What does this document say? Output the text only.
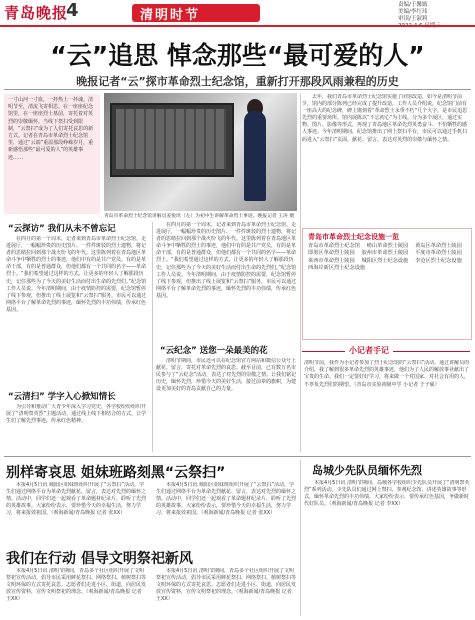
青岛晚报
4	清明时节
责编/于馨嫣
美编/李红玮
审读/王淑莉
“云”追思 悼念那些“最可爱的人”
晚报记者“云”探市革命烈士纪念馆，重新打开那段风雨兼程的历史
一寸山河一寸血，一抔热土一抔魂。清明节至，清流飞寄相思。在一座座纪念馆里，在一座座烈士墓前，寄托着对英烈的崇敬缅怀。当线下祭扫受到限制，“云祭扫”成为了人们寄托哀思的新方式。记者在青岛市革命烈士纪念馆里，通过“云端”重温那段峥嵘岁月，重新感悟那些“最可爱的人”的英雄事迹……
青岛市革命烈士纪念馆讲解员姜悦瑶（左）为初中生讲解革命烈士事迹。晚报记者 王涛 摄
去年，我们青岛市革命烈士纪念馆实施了闭馆改造，如今是清明节前夕，馆内的部分陈列已经完成了提升改造。工作人员介绍说，纪念馆门前有一座高大的纪念碑，碑上镌刻着“革命烈士永垂不朽”几个大字，是市民追思先烈的重要场所。馆内展陈以“不忘初心”为主线，分为多个展区，通过实物、图片、影像等形式，再现了青岛地区革命先烈英勇奋斗、不怕牺牲的感人事迹。今年清明期间，纪念馆推出了网上祭扫平台，市民可以通过手机扫码进入“云祭扫”页面，献花、留言，表达对英烈的崇敬与缅怀之情。
“云探访” 我们从未不曾忘记
在四月的第一个周末，记者来到青岛市革命烈士纪念馆。走进展厅，一幅幅珍贵的历史图片、一件件斑驳的烈士遗物，将记者的思绪拉回到那个战火纷飞的年代。这里陈列着在青岛地区革命斗争中牺牲的烈士的事迹，他们中有的是共产党员，有的是革命干部，有的是普通群众，但他们都有一个共同的名字——革命烈士。“我们希望通过这样的方式，让更多的年轻人了解那段历史，记住那些为了今天的美好生活而付出生命的先烈们。”纪念馆工作人员说。今年清明期间，由于疫情防控的需要，纪念馆暂停了线下参观，但推出了线上展览和“云祭扫”服务。市民可以通过网络平台了解革命先烈的事迹，缅怀先烈的丰功伟绩，传承红色基因。
“云清扫” 学字入心掀知情长
为引导和推动广大青少年深入学习党史，各学校纷纷组织开展了“清明祭英烈”主题活动，通过线上线下相结合的方式，让学生们了解先烈事迹，传承红色精神。
在四月的第一个周末，记者来到青岛市革命烈士纪念馆。走进展厅，一幅幅珍贵的历史图片、一件件斑驳的烈士遗物，将记者的思绪拉回到那个战火纷飞的年代。这里陈列着在青岛地区革命斗争中牺牲的烈士的事迹，他们中有的是共产党员，有的是革命干部，有的是普通群众，但他们都有一个共同的名字——革命烈士。“我们希望通过这样的方式，让更多的年轻人了解那段历史，记住那些为了今天的美好生活而付出生命的先烈们。”纪念馆工作人员说。今年清明期间，由于疫情防控的需要，纪念馆暂停了线下参观，但推出了线上展览和“云祭扫”服务。市民可以通过网络平台了解革命先烈的事迹，缅怀先烈的丰功伟绩，传承红色基因。
“云纪念” 送您一朵最美的花
清明节期间，市民还可以在纪念馆官方网站和微信公众号上献花、留言，寄托对革命先烈的哀思。截至目前，已有数万名市民参与了“云纪念”活动，表达了对先烈的崇敬之情。让我们铭记历史，缅怀先烈，珍惜今天的美好生活，接过前辈的旗帜，为建设更加美好的青岛贡献自己的力量。
青岛市革命烈士纪念设施一览
青岛市革命烈士纪念馆　 崂山革命烈士陵园　 黄岛区革命烈士陵园　 即墨区革命烈士陵园　 胶州市革命烈士陵园　 平度市革命烈士陵园　 莱西市革命烈士陵园　 城阳区烈士纪念设施　 李沧区烈士纪念设施　 西海岸新区烈士纪念设施　
小记者手记
清明节前，我作为小记者参加了烈士纪念馆的“云祭扫”活动。通过讲解员的介绍，我了解到很多革命先烈的英雄事迹，他们为了人民的解放事业献出了宝贵的生命。我们一定要好好学习，将来做一个对国家、对社会有用的人，不辜负先烈们的期望。（青岛市实验初级中学 小记者 于子硕）
别样寄哀思 姐妹班路刻黑“云祭扫”
本报4月5日讯 城阳区姐妹班组织开展了“云祭扫”活动，学生们通过网络平台为革命先烈献花、留言，表达对先烈的缅怀之情。活动中，同学们还一起观看了革命题材纪录片，聆听了先烈的英雄故事。大家纷纷表示，要珍惜今天的幸福生活，努力学习，将来报效祖国。（观海新闻/青岛晚报 记者 张XX）
本报4月5日讯 城阳区姐妹班组织开展了“云祭扫”活动，学生们通过网络平台为革命先烈献花、留言，表达对先烈的缅怀之情。活动中，同学们还一起观看了革命题材纪录片，聆听了先烈的英雄故事。大家纷纷表示，要珍惜今天的幸福生活，努力学习，将来报效祖国。（观海新闻/青岛晚报 记者 张XX）
我们在行动 倡导文明祭祀新风
本报4月5日讯 清明节期间，青岛多个社区组织开展了文明祭祀宣传活动，倡导市民采用鲜花祭扫、网络祭扫、植树祭扫等文明环保的方式寄托哀思。志愿者们走进小区、街道，向居民发放宣传资料，宣传文明祭祀的理念。（观海新闻/青岛晚报 记者 王XX）
本报4月5日讯 清明节期间，青岛多个社区组织开展了文明祭祀宣传活动，倡导市民采用鲜花祭扫、网络祭扫、植树祭扫等文明环保的方式寄托哀思。志愿者们走进小区、街道，向居民发放宣传资料，宣传文明祭祀的理念。（观海新闻/青岛晚报 记者 王XX）
岛城少先队员缅怀先烈
本报4月5日讯 清明节期间，岛城各学校组织少先队员开展了“清明祭英烈”系列活动。少先队员们通过网上祭扫、参观纪念馆、讲述英雄故事等形式，缅怀革命先烈的丰功伟绩。大家纷纷表示，要传承红色基因，争做新时代好队员。（观海新闻/青岛晚报 记者 李XX）
